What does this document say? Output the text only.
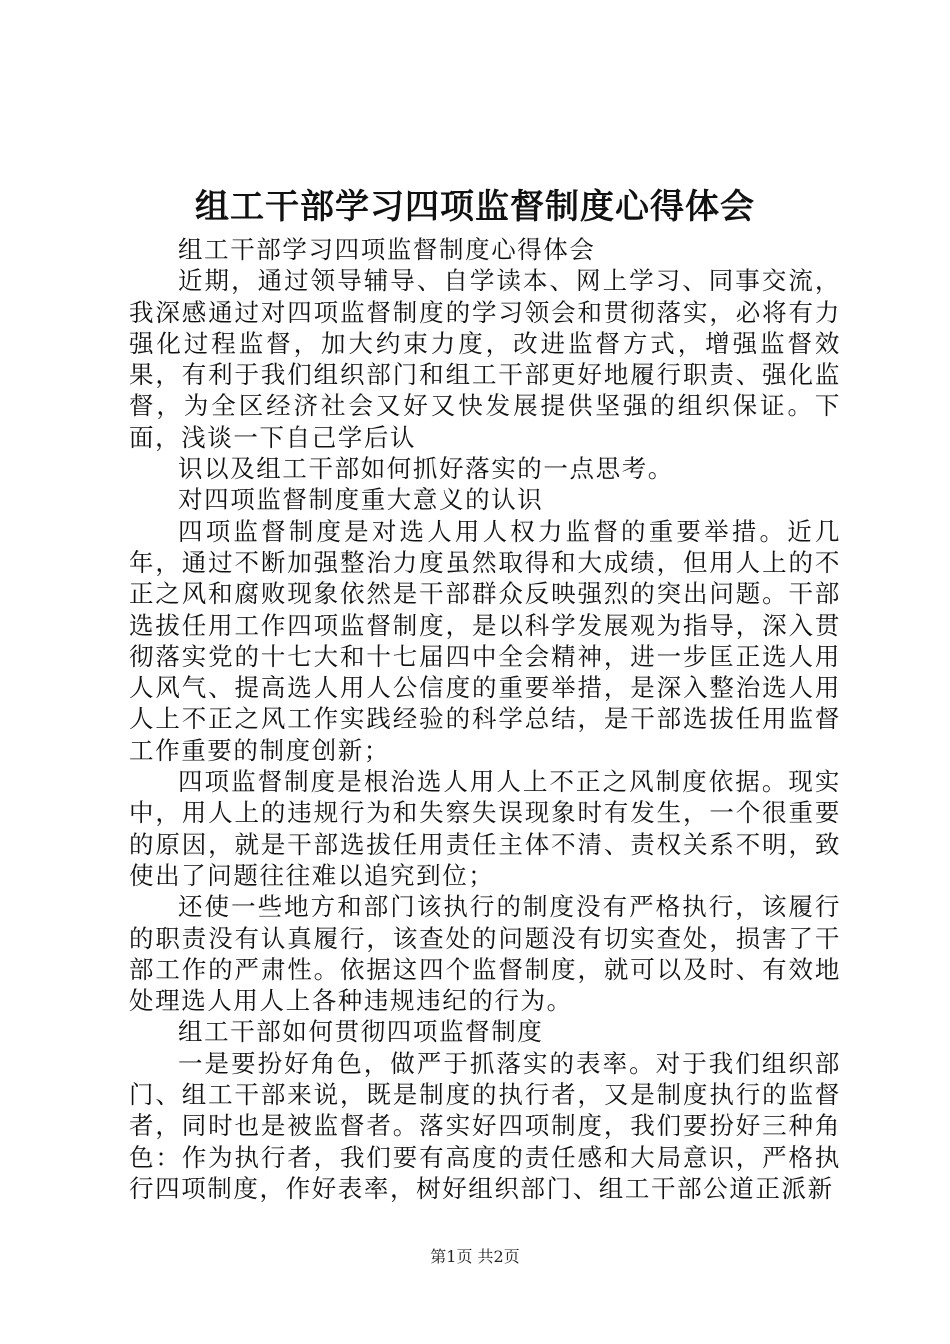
组工干部学习四项监督制度心得体会

组工干部学习四项监督制度心得体会

近期，通过领导辅导、自学读本、网上学习、同事交流，我深感通过对四项监督制度的学习领会和贯彻落实，必将有力强化过程监督，加大约束力度，改进监督方式，增强监督效果，有利于我们组织部门和组工干部更好地履行职责、强化监督，为全区经济社会又好又快发展提供坚强的组织保证。下面，浅谈一下自己学后认

识以及组工干部如何抓好落实的一点思考。

对四项监督制度重大意义的认识

四项监督制度是对选人用人权力监督的重要举措。近几年，通过不断加强整治力度虽然取得和大成绩，但用人上的不正之风和腐败现象依然是干部群众反映强烈的突出问题。干部选拔任用工作四项监督制度，是以科学发展观为指导，深入贯彻落实党的十七大和十七届四中全会精神，进一步匡正选人用人风气、提高选人用人公信度的重要举措，是深入整治选人用人上不正之风工作实践经验的科学总结，是干部选拔任用监督工作重要的制度创新；

四项监督制度是根治选人用人上不正之风制度依据。现实中，用人上的违规行为和失察失误现象时有发生，一个很重要的原因，就是干部选拔任用责任主体不清、责权关系不明，致使出了问题往往难以追究到位；

还使一些地方和部门该执行的制度没有严格执行，该履行的职责没有认真履行，该查处的问题没有切实查处，损害了干部工作的严肃性。依据这四个监督制度，就可以及时、有效地处理选人用人上各种违规违纪的行为。

组工干部如何贯彻四项监督制度

一是要扮好角色，做严于抓落实的表率。对于我们组织部门、组工干部来说，既是制度的执行者，又是制度执行的监督者，同时也是被监督者。落实好四项制度，我们要扮好三种角色：作为执行者，我们要有高度的责任感和大局意识，严格执行四项制度，作好表率，树好组织部门、组工干部公道正派新

第1页 共2页
